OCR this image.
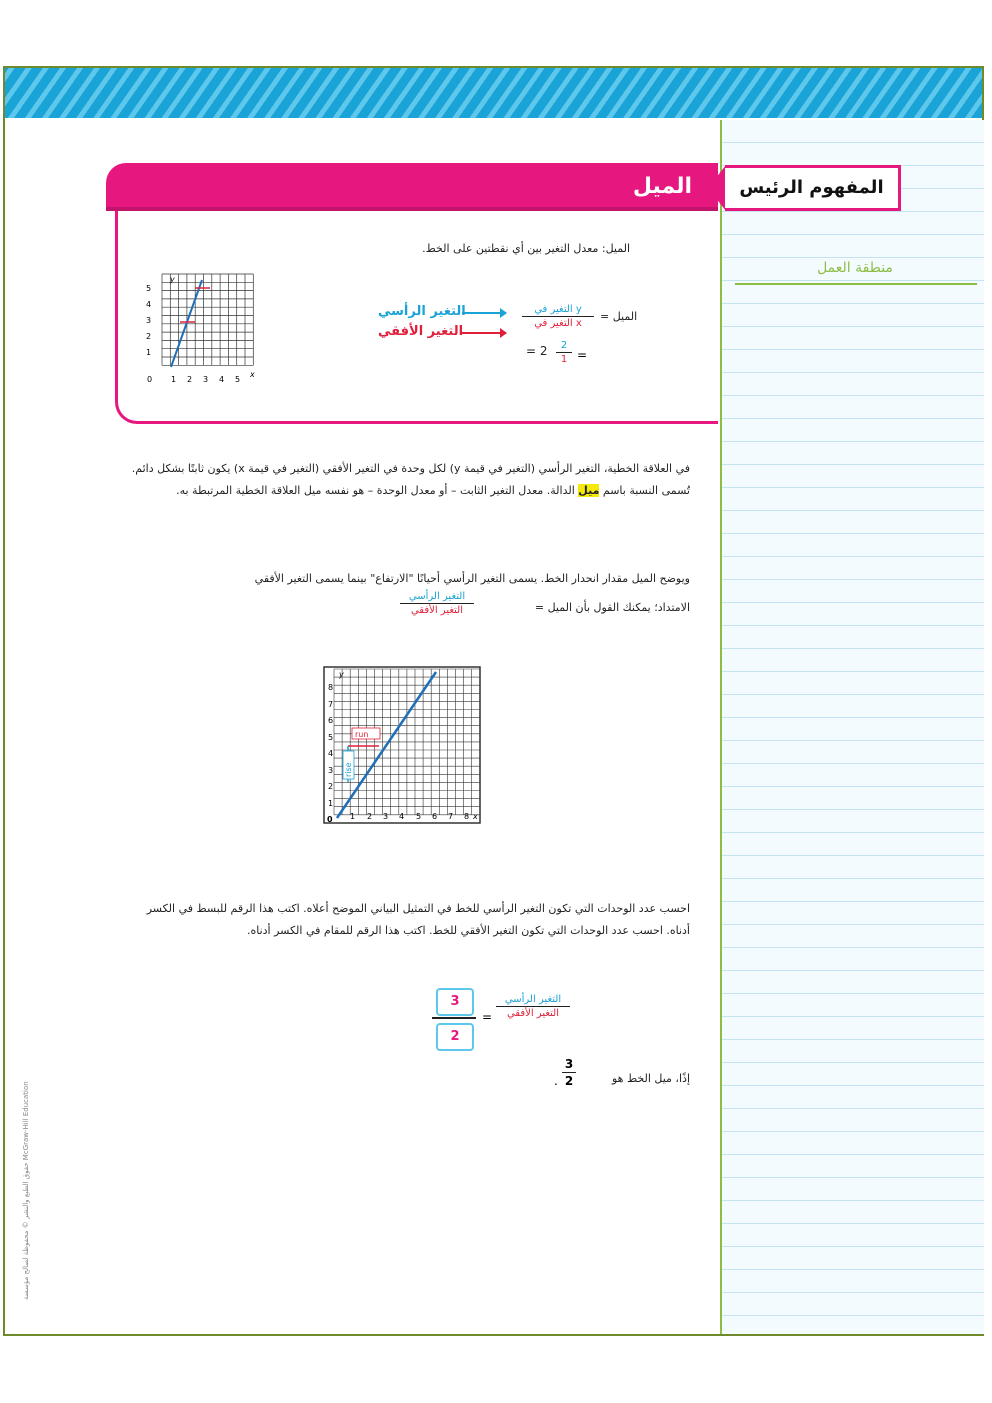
منطقة العمل
الميل	المفهوم الرئيس
الميل: معدل التغير بين أي نقطتين على الخط.
الميل =
التغير في y
التغير في x
التغير الرأسي
التغير الأفقي
2
1 =
= 2
0
x
y
1 2 3 4 5
1
2
3
4
5
في العلاقة الخطية، التغير الرأسي (التغير في قيمة y) لكل وحدة في التغير الأفقي (التغير في قيمة x) يكون ثابتًا بشكل دائم. تُسمى النسبة باسم ميل الدالة. معدل التغير الثابت – أو معدل الوحدة – هو نفسه ميل العلاقة الخطية المرتبطة به.
ويوضح الميل مقدار انحدار الخط. يسمى التغير الرأسي أحيانًا "الارتفاع" بينما يسمى التغير الأفقي
الامتداد؛ يمكنك القول بأن الميل =
التغير الرأسي
التغير الأفقي
run
rise
0	x
y
1 2 3 4 5 6 7 8
1
2
3
4
5
6
7
8
احسب عدد الوحدات التي تكون التغير الرأسي للخط في التمثيل البياني الموضح أعلاه. اكتب هذا الرقم للبسط في الكسر أدناه. احسب عدد الوحدات التي تكون التغير الأفقي للخط. اكتب هذا الرقم للمقام في الكسر أدناه.
3
2
=
التغير الرأسي
التغير الأفقي
إذًا، ميل الخط هو
3
2
.
حقوق الطبع والنشر © محفوظة لصالح مؤسسة McGraw-Hill Education
